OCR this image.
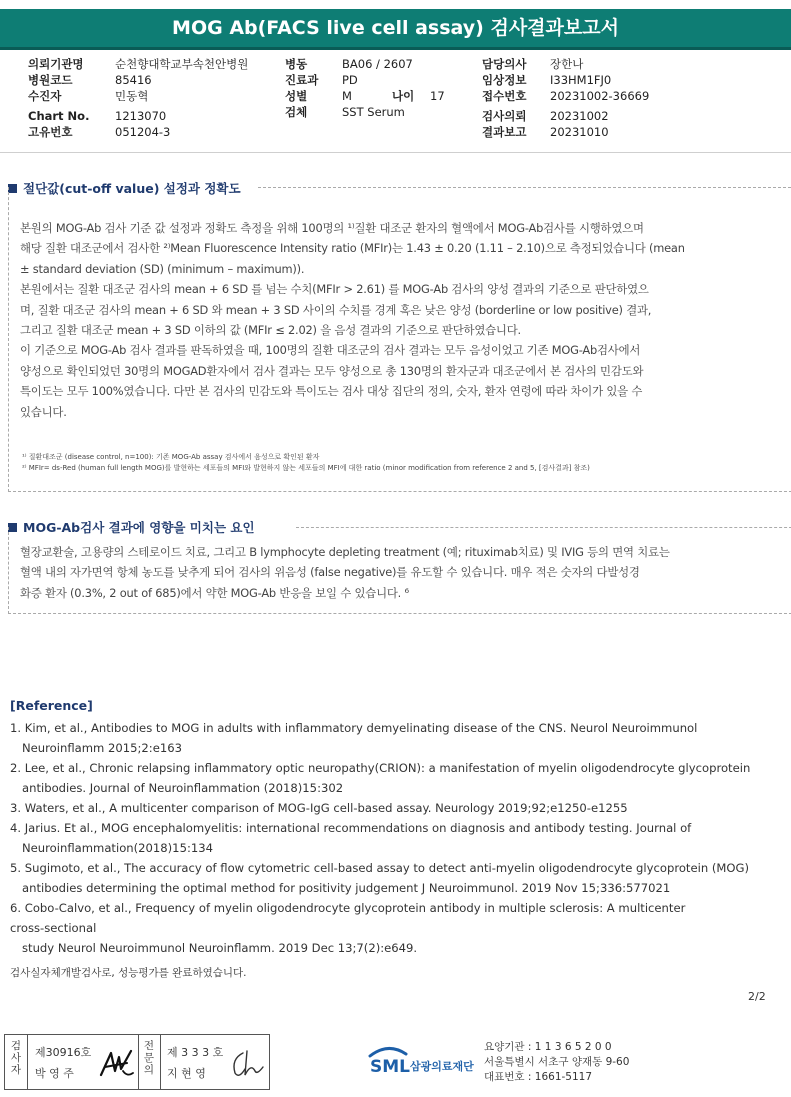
MOG Ab(FACS live cell assay) 검사결과보고서
의뢰기관명	순천향대학교부속천안병원
병원코드	85416
수진자	민동혁
Chart No. 1213070
고유번호	051204-3
병동	BA06 / 2607
진료과 PD
성별	M	나이 17
검체	SST Serum
담당의사 장한나
임상정보 I33HM1FJ0
접수번호 20231002-36669
검사의뢰 20231002
결과보고 20231010
절단값(cut-off value) 설정과 정확도

본원의 MOG-Ab 검사 기준 값 설정과 정확도 측정을 위해 100명의 ¹⁾질환 대조군 환자의 혈액에서 MOG-Ab검사를 시행하였으며

해당 질환 대조군에서 검사한 ²⁾Mean Fluorescence Intensity ratio (MFIr)는 1.43 ± 0.20 (1.11 – 2.10)으로 측정되었습니다 (mean

± standard deviation (SD) (minimum – maximum)).

본원에서는 질환 대조군 검사의 mean + 6 SD 를 넘는 수치(MFIr > 2.61) 를 MOG-Ab 검사의 양성 결과의 기준으로 판단하였으

며, 질환 대조군 검사의 mean + 6 SD 와 mean + 3 SD 사이의 수치를 경계 혹은 낮은 양성 (borderline or low positive) 결과,

그리고 질환 대조군 mean + 3 SD 이하의 값 (MFIr ≤ 2.02) 을 음성 결과의 기준으로 판단하였습니다.

이 기준으로 MOG-Ab 검사 결과를 판독하였을 때, 100명의 질환 대조군의 검사 결과는 모두 음성이었고 기존 MOG-Ab검사에서

양성으로 확인되었던 30명의 MOGAD환자에서 검사 결과는 모두 양성으로 총 130명의 환자군과 대조군에서 본 검사의 민감도와

특이도는 모두 100%였습니다. 다만 본 검사의 민감도와 특이도는 검사 대상 집단의 정의, 숫자, 환자 연령에 따라 차이가 있을 수

있습니다.

¹⁾ 질환대조군 (disease control, n=100): 기존 MOG-Ab assay 검사에서 음성으로 확인된 환자
²⁾ MFIr= ds-Red (human full length MOG)를 발현하는 세포들의 MFI와 발현하지 않는 세포들의 MFI에 대한 ratio (minor modification from reference 2 and 5, [검사결과] 참조)
MOG-Ab검사 결과에 영향을 미치는 요인

혈장교환술, 고용량의 스테로이드 치료, 그리고 B lymphocyte depleting treatment (예; rituximab치료) 및 IVIG 등의 면역 치료는

혈액 내의 자가면역 항체 농도를 낮추게 되어 검사의 위음성 (false negative)를 유도할 수 있습니다. 매우 적은 숫자의 다발성경

화증 환자 (0.3%, 2 out of 685)에서 약한 MOG-Ab 반응을 보일 수 있습니다. ⁶

[Reference]

1. Kim, et al., Antibodies to MOG in adults with inflammatory demyelinating disease of the CNS. Neurol Neuroimmunol

Neuroinflamm 2015;2:e163

2. Lee, et al., Chronic relapsing inflammatory optic neuropathy(CRION): a manifestation of myelin oligodendrocyte glycoprotein

antibodies. Journal of Neuroinflammation (2018)15:302

3. Waters, et al., A multicenter comparison of MOG-IgG cell-based assay. Neurology 2019;92;e1250-e1255

4. Jarius. Et al., MOG encephalomyelitis: international recommendations on diagnosis and antibody testing. Journal of

Neuroinflammation(2018)15:134

5. Sugimoto, et al., The accuracy of flow cytometric cell-based assay to detect anti-myelin oligodendrocyte glycoprotein (MOG)

antibodies determining the optimal method for positivity judgement J Neuroimmunol. 2019 Nov 15;336:577021

6. Cobo-Calvo, et al., Frequency of myelin oligodendrocyte glycoprotein antibody in multiple sclerosis: A multicenter

cross-sectional

study Neurol Neuroimmunol Neuroinflamm. 2019 Dec 13;7(2):e649.

검사실자체개발검사로, 성능평가를 완료하였습니다.
2/2
검사자
제30916호
박 영 주
전문의
제 3 3 3 호
지 현 영	SML 삼광의료재단
요양기관 : 1 1 3 6 5 2 0 0
서울특별시 서초구 양재동 9-60
대표번호 : 1661-5117
